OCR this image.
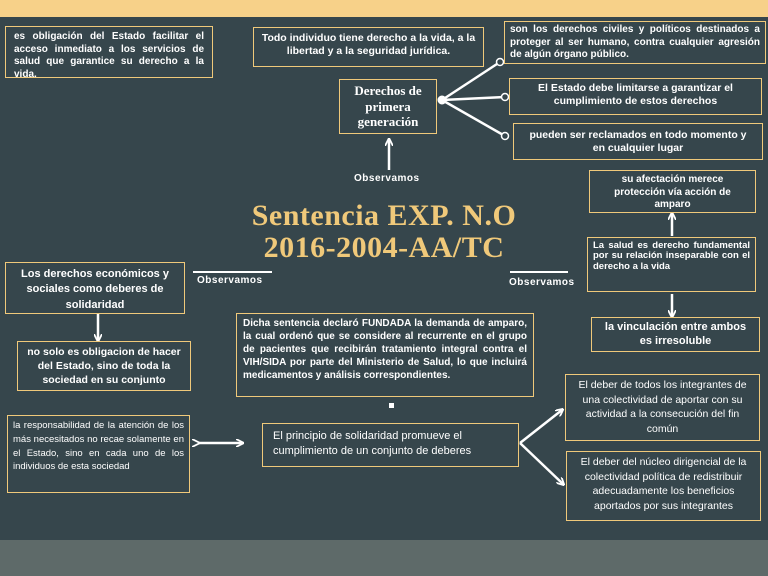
es obligación del Estado facilitar el acceso inmediato a los servicios de salud que garantice su derecho a la vida.
Todo individuo tiene derecho a la vida, a la libertad y a la seguridad jurídica.
Derechos de primera generación
son los derechos civiles y políticos destinados a proteger al ser humano, contra cualquier agresión de algún órgano público.
El Estado debe limitarse a garantizar el cumplimiento de estos derechos
pueden ser reclamados en todo momento y en cualquier lugar
Observamos	su afectación merece protección vía acción de amparo
Sentencia EXP. N.O 2016-2004-AA/TC
Observamos	Observamos
La salud es derecho fundamental por su relación inseparable con el derecho a la vida
la vinculación entre ambos es irresoluble
Los derechos económicos y sociales como deberes de solidaridad
no solo es obligacion de hacer del Estado, sino de toda la sociedad en su conjunto
Dicha sentencia declaró FUNDADA la demanda de amparo, la cual ordenó que se considere al recurrente en el grupo de pacientes que recibirán tratamiento integral contra el VIH/SIDA por parte del Ministerio de Salud, lo que incluirá medicamentos y análisis correspondientes.
la responsabilidad de la atención de los más necesitados no recae solamente en el Estado, sino en cada uno de los individuos de esta sociedad
El principio de solidaridad promueve el cumplimiento de un conjunto de deberes
El deber de todos los integrantes de una colectividad de aportar con su actividad a la consecución del fin común
El deber del núcleo dirigencial de la colectividad política de redistribuir adecuadamente los beneficios aportados por sus integrantes
